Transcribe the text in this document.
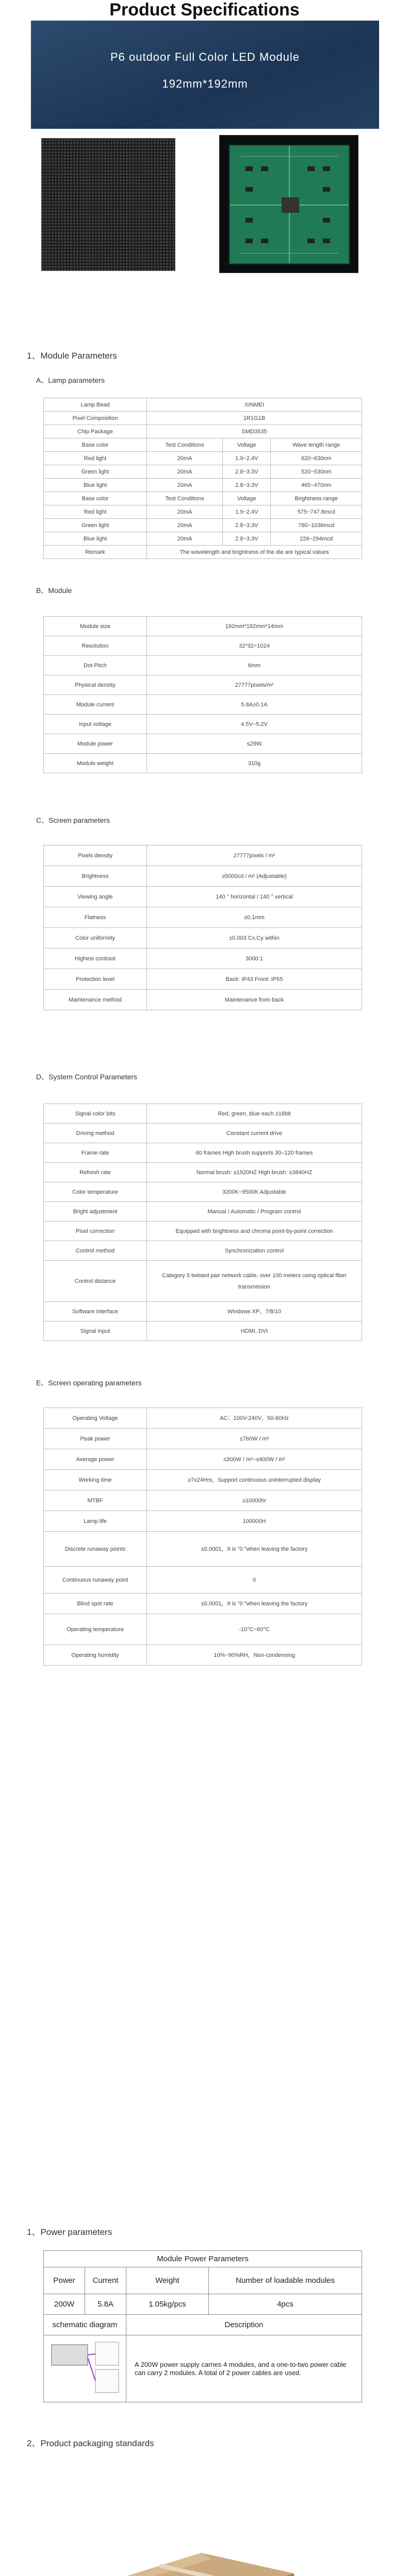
Product Specifications
P6 outdoor Full Color LED Module
192mm*192mm
1、Module Parameters
A、Lamp parameters
Lamp Bead	XINMEI		
Pixel Composition	1R1G1B		
Chip Package	SMD3535		
Base color	Test Conditions	Voltage	Wave length range
Red light	20mA	1.9~2.4V	620~630nm
Green light	20mA	2.8~3.3V	520~530nm
Blue light	20mA	2.8~3.3V	465~470nm
Base color	Test Conditions	Voltage	Brightness range
Red light	20mA	1.9~2.4V	575~747.8mcd
Green light	20mA	2.8~3.3V	780~1036mcd
Blue light	20mA	2.8~3.3V	226~294mcd
Remark	The wavelength and brightness of the die are typical values		
B、Module
Module size	192mm*192mm*14mm
Resolution	32*32=1024
Dot Pitch	6mm
Physical density	27777pixels/m²
Module current	5.8A±0.1A
Input voltage	4.5V~5.2V
Module power	≤29W
Module weight	310g
C、Screen parameters
Pixels density	27777pixels / m²
Brightness	≥5000cd / m² (Adjustable)
Viewing angle	140 ° horizontal / 140 ° vertical
Flatness	≤0.1mm
Color uniformity	±0.003 Cx,Cy within
Highest contrast	3000:1
Protection level	Back: IP43 Front: IP65
Maintenance method	Maintenance from back
D、System Control Parameters
Signal color bits	Red, green, blue each ≥16bit
Driving method	Constant current drive
Frame rate	60 frames High brush supports 30–120 frames
Refresh rate	Normal brush: ≥1920HZ High brush: ≥3840HZ
Color temperature	3200K~9500K Adjustable
Bright adjustment	Manual / Automatic / Program control
Pixel correction	Equipped with brightness and chroma point-by-point correction
Control method	Synchronization control
Control distance	Category 5 twisted pair network cable, over 100 meters using optical fiber transmission
Software interface	Windows XP、7/8/10
Signal input	HDMI, DVI
E、Screen operating parameters
Operating Voltage	AC：100V-240V，50-60Hz
Peak power	≤760W / m²
Average power	≤300W / m²~≤400W / m²
Working time	≥7x24Hrs，Support continuous uninterrupted display
MTBF	≥10000hr
Lamp life	100000H
Discrete runaway points	≤0.0001，It is "0 "when leaving the factory
Continuous runaway point	0
Blind spot rate	≤0.0001，It is "0 "when leaving the factory
Operating temperature	-10°C~60°C
Operating humidity	10%~90%RH，Non-condensing
1、Power parameters
Module Power Parameters			
Power	Current	Weight	Number of loadable modules
200W	5.8A	1.05kg/pcs	4pcs
schematic diagram		Description	
	A 200W power supply carries 4 modules, and a one-to-two power cable can carry 2 modules. A total of 2 power cables are used.	
2、Product packaging standards
